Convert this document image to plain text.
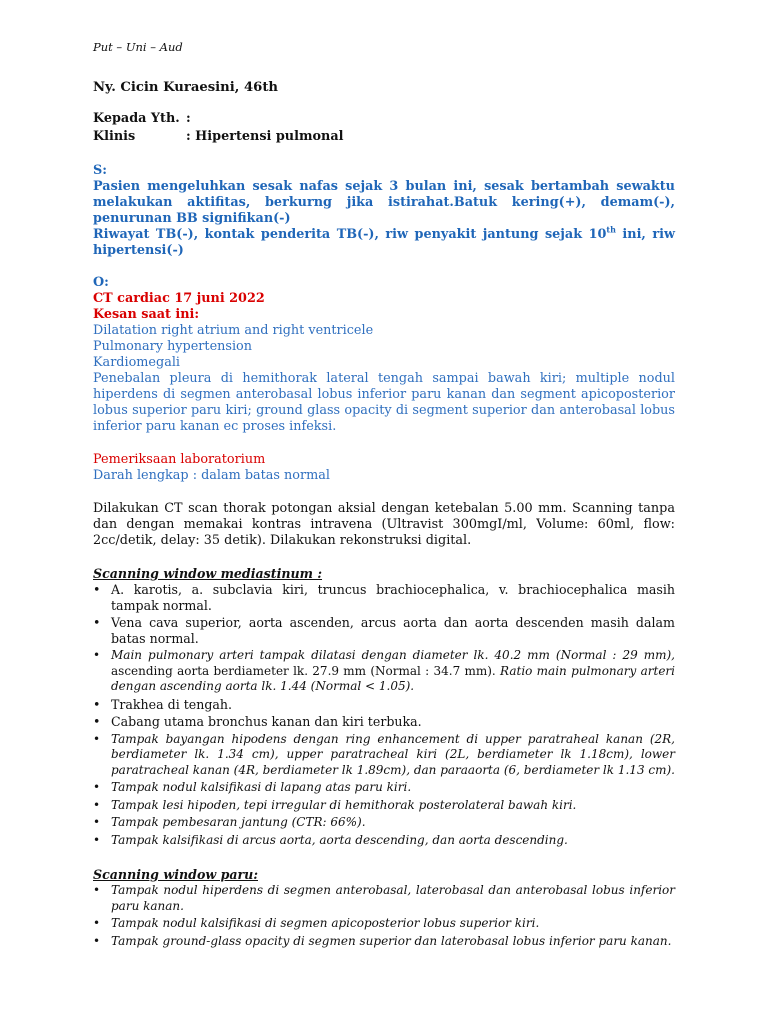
Put – Uni – Aud
Ny. Cicin Kuraesini, 46th
Kepada Yth. :
Klinis	: Hipertensi pulmonal
S:
Pasien mengeluhkan sesak nafas sejak 3 bulan ini, sesak bertambah sewaktu melakukan aktifitas, berkurng jika istirahat.Batuk kering(+), demam(-), penurunan BB signifikan(-)
Riwayat TB(-), kontak penderita TB(-), riw penyakit jantung sejak 10th ini, riw hipertensi(-)
O:
CT cardiac 17 juni 2022
Kesan saat ini:
Dilatation right atrium and right ventricele
Pulmonary hypertension
Kardiomegali
Penebalan pleura di hemithorak lateral tengah sampai bawah kiri; multiple nodul hiperdens di segmen anterobasal lobus inferior paru kanan dan segment apicoposterior lobus superior paru kiri; ground glass opacity di segment superior dan anterobasal lobus inferior paru kanan ec proses infeksi.
Pemeriksaan laboratorium
Darah lengkap : dalam batas normal
Dilakukan CT scan thorak potongan aksial dengan ketebalan 5.00 mm. Scanning tanpa dan dengan memakai kontras intravena (Ultravist 300mgI/ml, Volume: 60ml, flow: 2cc/detik, delay: 35 detik). Dilakukan rekonstruksi digital.
Scanning window mediastinum :
• A. karotis, a. subclavia kiri, truncus brachiocephalica, v. brachiocephalica masih tampak normal.
• Vena cava superior, aorta ascenden, arcus aorta dan aorta descenden masih dalam batas normal.
• Main pulmonary arteri tampak dilatasi dengan diameter lk. 40.2 mm (Normal : 29 mm), ascending aorta berdiameter lk. 27.9 mm (Normal : 34.7 mm). Ratio main pulmonary arteri dengan ascending aorta lk. 1.44 (Normal < 1.05).
• Trakhea di tengah.
• Cabang utama bronchus kanan dan kiri terbuka.
• Tampak bayangan hipodens dengan ring enhancement di upper paratraheal kanan (2R, berdiameter lk. 1.34 cm), upper paratracheal kiri (2L, berdiameter lk 1.18cm), lower paratracheal kanan (4R, berdiameter lk 1.89cm), dan paraaorta (6, berdiameter lk 1.13 cm).
• Tampak nodul kalsifikasi di lapang atas paru kiri.
• Tampak lesi hipoden, tepi irregular di hemithorak posterolateral bawah kiri.
• Tampak pembesaran jantung (CTR: 66%).
• Tampak kalsifikasi di arcus aorta, aorta descending, dan aorta descending.
Scanning window paru:
• Tampak nodul hiperdens di segmen anterobasal, laterobasal dan anterobasal lobus inferior paru kanan.
• Tampak nodul kalsifikasi di segmen apicoposterior lobus superior kiri.
• Tampak ground-glass opacity di segmen superior dan laterobasal lobus inferior paru kanan.
